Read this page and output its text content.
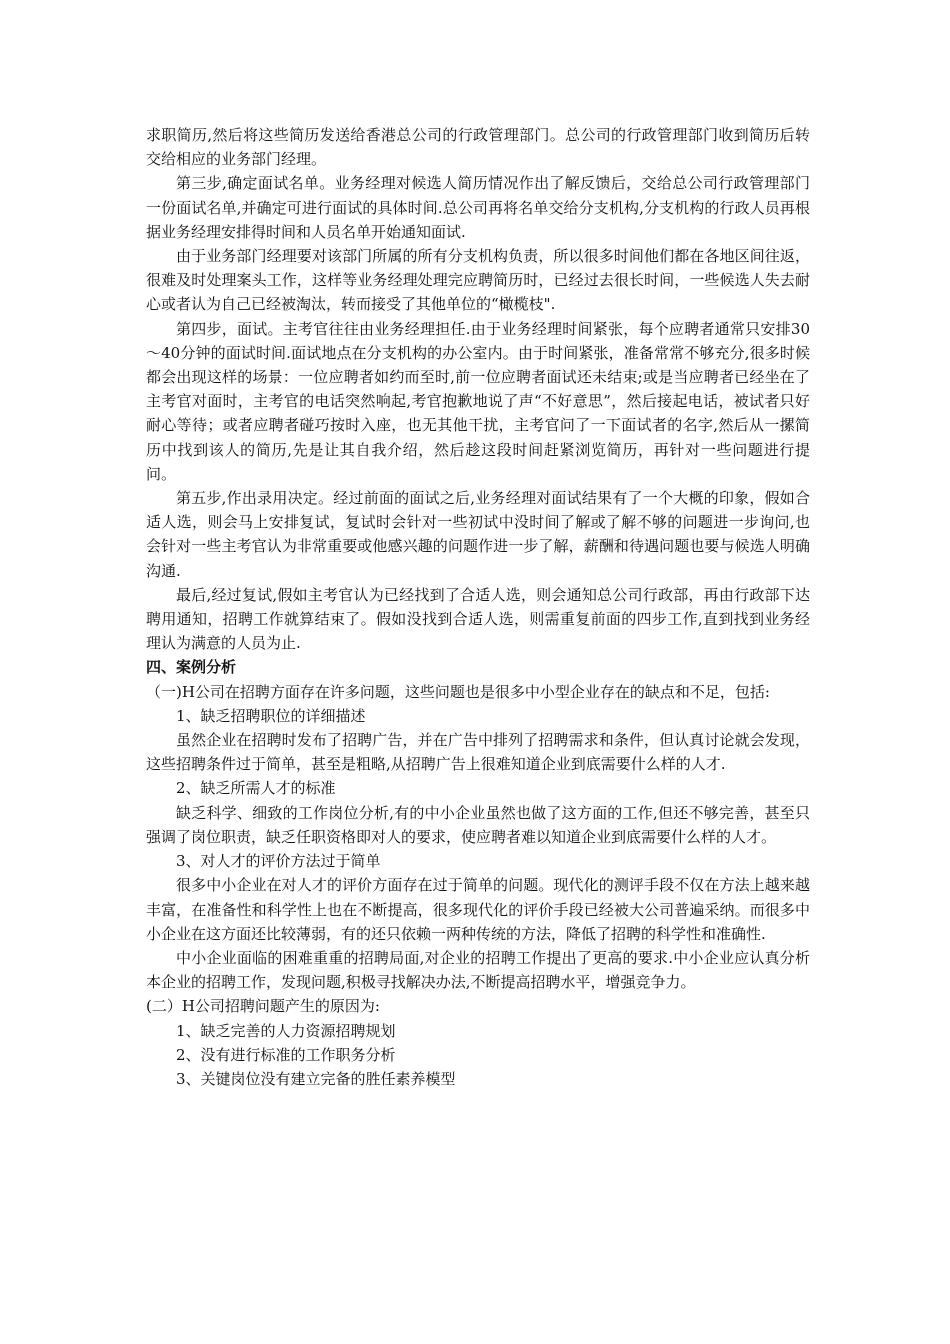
求职简历,然后将这些简历发送给香港总公司的行政管理部门。总公司的行政管理部门收到简历后转交给相应的业务部门经理。

第三步,确定面试名单。业务经理对候选人简历情况作出了解反馈后，交给总公司行政管理部门一份面试名单,并确定可进行面试的具体时间.总公司再将名单交给分支机构,分支机构的行政人员再根据业务经理安排得时间和人员名单开始通知面试.

由于业务部门经理要对该部门所属的所有分支机构负责，所以很多时间他们都在各地区间往返，很难及时处理案头工作，这样等业务经理处理完应聘简历时，已经过去很长时间，一些候选人失去耐心或者认为自己已经被淘汰，转而接受了其他单位的“橄榄枝".

第四步，面试。主考官往往由业务经理担任.由于业务经理时间紧张，每个应聘者通常只安排30～40分钟的面试时间.面试地点在分支机构的办公室内。由于时间紧张，准备常常不够充分,很多时候都会出现这样的场景：一位应聘者如约而至时,前一位应聘者面试还未结束;或是当应聘者已经坐在了主考官对面时，主考官的电话突然响起,考官抱歉地说了声“不好意思”，然后接起电话，被试者只好耐心等待；或者应聘者碰巧按时入座，也无其他干扰，主考官问了一下面试者的名字,然后从一摞简历中找到该人的简历,先是让其自我介绍，然后趁这段时间赶紧浏览简历，再针对一些问题进行提问。

第五步,作出录用决定。经过前面的面试之后,业务经理对面试结果有了一个大概的印象，假如合适人选，则会马上安排复试，复试时会针对一些初试中没时间了解或了解不够的问题进一步询问,也会针对一些主考官认为非常重要或他感兴趣的问题作进一步了解，薪酬和待遇问题也要与候选人明确沟通.

最后,经过复试,假如主考官认为已经找到了合适人选，则会通知总公司行政部，再由行政部下达聘用通知，招聘工作就算结束了。假如没找到合适人选，则需重复前面的四步工作,直到找到业务经理认为满意的人员为止.

四、案例分析

（一)H公司在招聘方面存在许多问题，这些问题也是很多中小型企业存在的缺点和不足，包括:

1、缺乏招聘职位的详细描述

虽然企业在招聘时发布了招聘广告，并在广告中排列了招聘需求和条件，但认真讨论就会发现，这些招聘条件过于简单，甚至是粗略,从招聘广告上很难知道企业到底需要什么样的人才.

2、缺乏所需人才的标准

缺乏科学、细致的工作岗位分析,有的中小企业虽然也做了这方面的工作,但还不够完善，甚至只强调了岗位职责，缺乏任职资格即对人的要求，使应聘者难以知道企业到底需要什么样的人才。

3、对人才的评价方法过于简单

很多中小企业在对人才的评价方面存在过于简单的问题。现代化的测评手段不仅在方法上越来越丰富，在准备性和科学性上也在不断提高，很多现代化的评价手段已经被大公司普遍采纳。而很多中小企业在这方面还比较薄弱，有的还只依赖一两种传统的方法，降低了招聘的科学性和准确性.

中小企业面临的困难重重的招聘局面,对企业的招聘工作提出了更高的要求.中小企业应认真分析本企业的招聘工作，发现问题,积极寻找解决办法,不断提高招聘水平，增强竞争力。

(二）H公司招聘问题产生的原因为:

1、缺乏完善的人力资源招聘规划

2、没有进行标准的工作职务分析

3、关键岗位没有建立完备的胜任素养模型
